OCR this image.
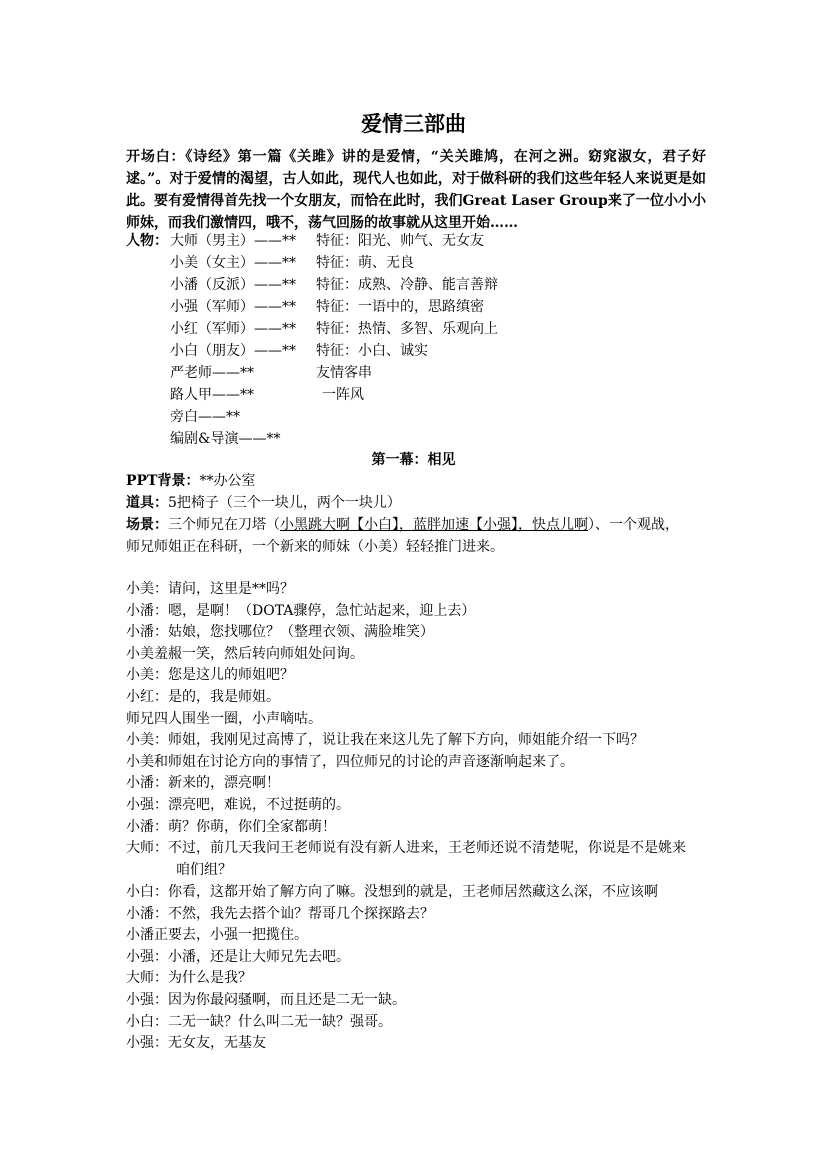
爱情三部曲
开场白：《诗经》第一篇《关雎》讲的是爱情，“关关雎鸠，在河之洲。窈窕淑女，君子好逑。”。对于爱情的渴望，古人如此，现代人也如此，对于做科研的我们这些年轻人来说更是如此。要有爱情得首先找一个女朋友，而恰在此时，我们Great Laser Group来了一位小小小师妹，而我们激情四，哦不，荡气回肠的故事就从这里开始……
人物： 大师（男主）——** 特征：阳光、帅气、无女友
小美（女主）——** 特征：萌、无良
小潘（反派）——** 特征：成熟、冷静、能言善辩
小强（军师）——** 特征：一语中的，思路缜密
小红（军师）——** 特征：热情、多智、乐观向上
小白（朋友）——** 特征：小白、诚实
严老师——**	友情客串
路人甲——**	一阵风
旁白——**
编剧&导演——**
第一幕：相见
PPT背景：**办公室
道具：5把椅子（三个一块儿，两个一块儿）
场景：三个师兄在刀塔（小黑跳大啊【小白】，蓝胖加速【小强】，快点儿啊）、一个观战，
师兄师姐正在科研，一个新来的师妹（小美）轻轻推门进来。
小美：请问，这里是**吗？
小潘：嗯，是啊！（DOTA骤停，急忙站起来，迎上去）
小潘：姑娘，您找哪位？（整理衣领、满脸堆笑）
小美羞赧一笑，然后转向师姐处问询。
小美：您是这儿的师姐吧？
小红：是的，我是师姐。
师兄四人围坐一圈，小声嘀咕。
小美：师姐，我刚见过高博了，说让我在来这儿先了解下方向，师姐能介绍一下吗？
小美和师姐在讨论方向的事情了，四位师兄的讨论的声音逐渐响起来了。
小潘：新来的，漂亮啊！
小强：漂亮吧，难说，不过挺萌的。
小潘：萌？你萌，你们全家都萌！
大师：不过，前几天我问王老师说有没有新人进来，王老师还说不清楚呢，你说是不是姚来
咱们组？
小白：你看，这都开始了解方向了嘛。没想到的就是，王老师居然藏这么深，不应该啊
小潘：不然，我先去搭个讪？帮哥几个探探路去？
小潘正要去，小强一把揽住。
小强：小潘，还是让大师兄先去吧。
大师：为什么是我？
小强：因为你最闷骚啊，而且还是二无一缺。
小白：二无一缺？什么叫二无一缺？强哥。
小强：无女友，无基友
